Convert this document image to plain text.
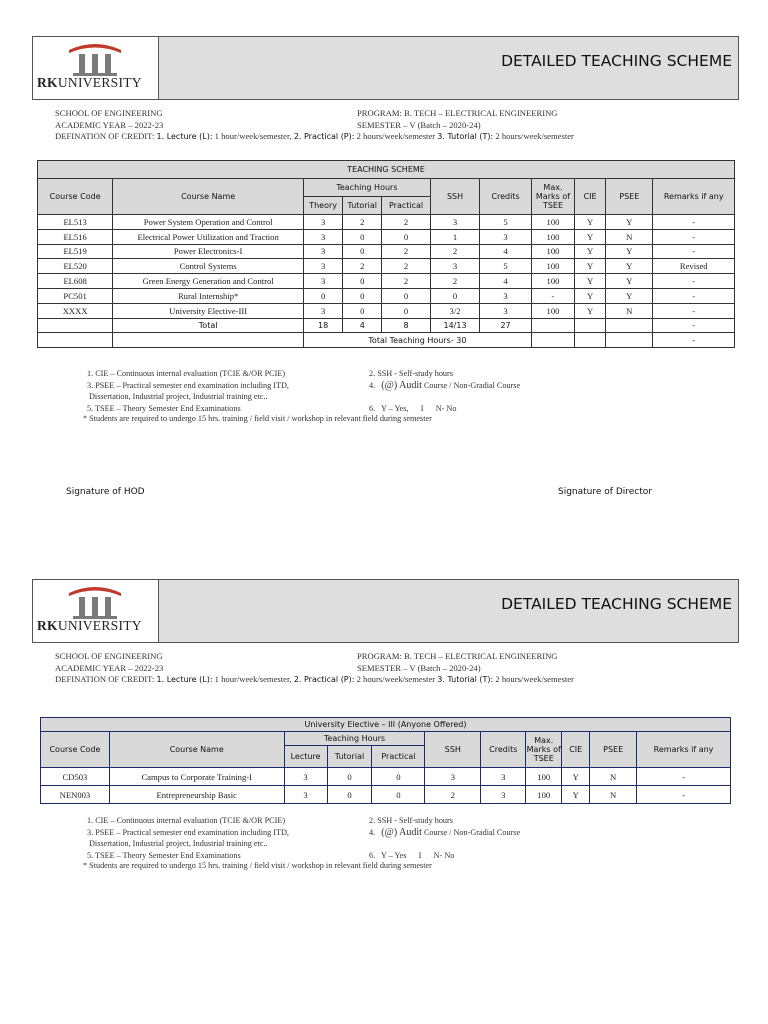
RKUNIVERSITY
DETAILED TEACHING SCHEME
SCHOOL OF ENGINEERING
ACADEMIC YEAR – 2022-23
DEFINATION OF CREDIT: 1. Lecture (L): 1 hour/week/semester, 2. Practical (P): 2 hours/week/semester 3. Tutorial (T): 2 hours/week/semester
PROGRAM: B. TECH – ELECTRICAL ENGINEERING
SEMESTER – V (Batch – 2020-24)
TEACHING SCHEME										
Course Code	Course Name	Teaching Hours			SSH	Credits	Max. Marks of TSEE	CIE	PSEE	Remarks if any
		Theory	Tutorial	Practical						
EL513	Power System Operation and Control	3	2	2	3	5	100	Y	Y	-
EL516	Electrical Power Utilization and Traction	3	0	0	1	3	100	Y	N	-
EL519	Power Electronics-I	3	0	2	2	4	100	Y	Y	-
EL520	Control Systems	3	2	2	3	5	100	Y	Y	Revised
EL608	Green Energy Generation and Control	3	0	2	2	4	100	Y	Y	-
PC501	Rural Internship*	0	0	0	0	3	-	Y	Y	-
XXXX	University Elective-III	3	0	0	3/2	3	100	Y	N	-
	Total	18	4	8	14/13	27				-
		Total Teaching Hours- 30								-
1. CIE – Continuous internal evaluation (TCIE &/OR PCIE)	2. SSH - Self-study hours
3. PSEE – Practical semester end examination including ITD,	4. (@) Audit Course / Non-Gradial Course
Dissertation, Industrial project, Industrial training etc..
5. TSEE – Theory Semester End Examinations	6.   Y – Yes,      I      N- No
* Students are required to undergo 15 hrs. training / field visit / workshop in relevant field during semester
Signature of HOD	Signature of Director
RKUNIVERSITY
DETAILED TEACHING SCHEME
SCHOOL OF ENGINEERING
ACADEMIC YEAR – 2022-23
DEFINATION OF CREDIT: 1. Lecture (L): 1 hour/week/semester, 2. Practical (P): 2 hours/week/semester 3. Tutorial (T): 2 hours/week/semester
PROGRAM: B. TECH – ELECTRICAL ENGINEERING
SEMESTER – V (Batch – 2020-24)
University Elective – III (Anyone Offered)										
Course Code	Course Name	Teaching Hours			SSH	Credits	Max. Marks of TSEE	CIE	PSEE	Remarks if any
		Lecture	Tutorial	Practical						
CD503	Campus to Corporate Training-I	3	0	0	3	3	100	Y	N	-
NEN003	Entrepreneurship Basic	3	0	0	2	3	100	Y	N	-
1. CIE – Continuous internal evaluation (TCIE &/OR PCIE)	2. SSH - Self-study hours
3. PSEE – Practical semester end examination including ITD,	4. (@) Audit Course / Non-Gradial Course
Dissertation, Industrial project, Industrial training etc..
5. TSEE – Theory Semester End Examinations	6.   Y – Yes      I      N- No
* Students are required to undergo 15 hrs. training / field visit / workshop in relevant field during semester
